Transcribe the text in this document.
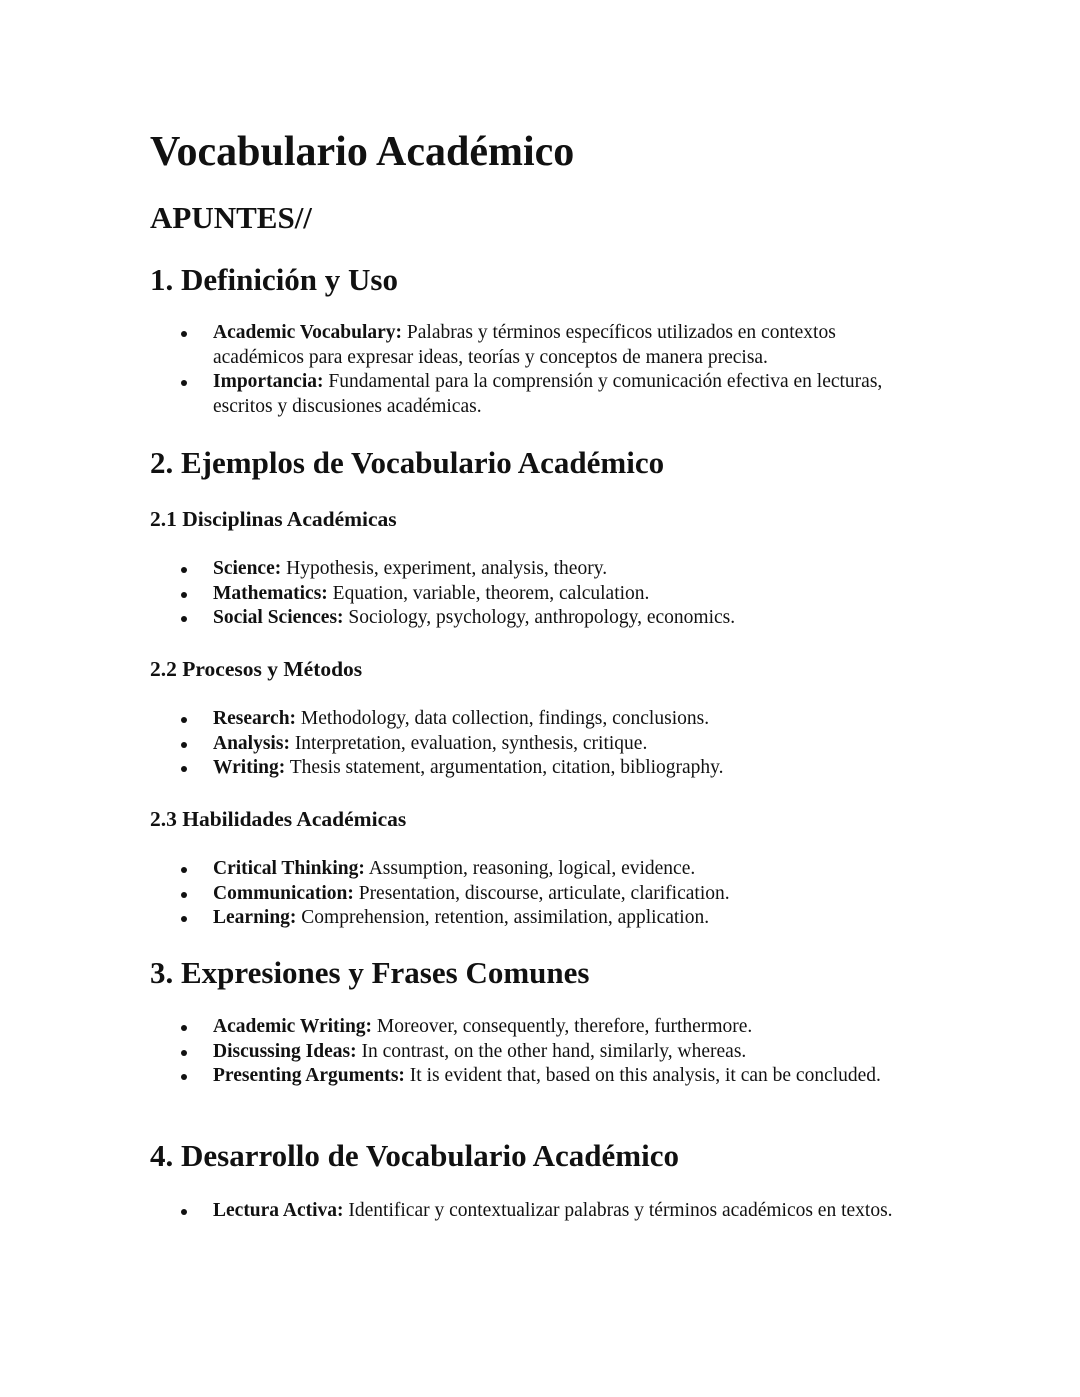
Vocabulario Académico
APUNTES//
1. Definición y Uso
Academic Vocabulary: Palabras y términos específicos utilizados en contextos académicos para expresar ideas, teorías y conceptos de manera precisa.
Importancia: Fundamental para la comprensión y comunicación efectiva en lecturas, escritos y discusiones académicas.
2. Ejemplos de Vocabulario Académico
2.1 Disciplinas Académicas
Science: Hypothesis, experiment, analysis, theory.
Mathematics: Equation, variable, theorem, calculation.
Social Sciences: Sociology, psychology, anthropology, economics.
2.2 Procesos y Métodos
Research: Methodology, data collection, findings, conclusions.
Analysis: Interpretation, evaluation, synthesis, critique.
Writing: Thesis statement, argumentation, citation, bibliography.
2.3 Habilidades Académicas
Critical Thinking: Assumption, reasoning, logical, evidence.
Communication: Presentation, discourse, articulate, clarification.
Learning: Comprehension, retention, assimilation, application.
3. Expresiones y Frases Comunes
Academic Writing: Moreover, consequently, therefore, furthermore.
Discussing Ideas: In contrast, on the other hand, similarly, whereas.
Presenting Arguments: It is evident that, based on this analysis, it can be concluded.
4. Desarrollo de Vocabulario Académico
Lectura Activa: Identificar y contextualizar palabras y términos académicos en textos.
